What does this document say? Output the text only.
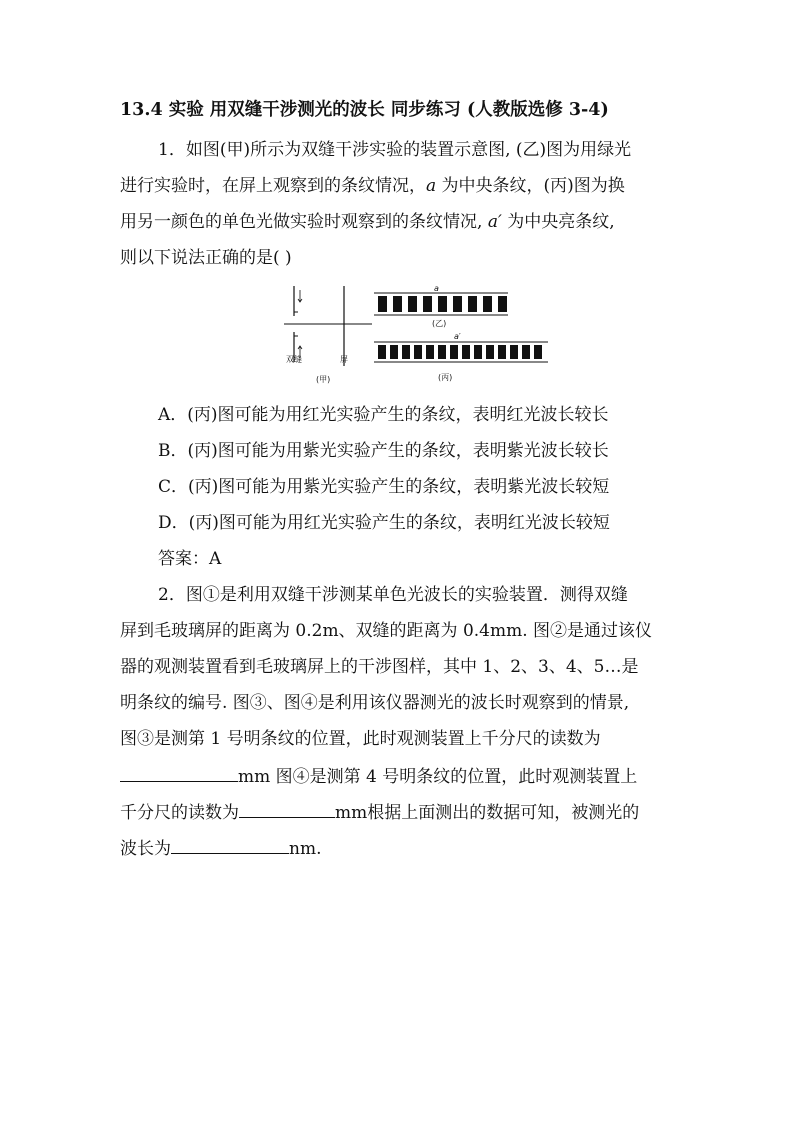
13.4 实验 用双缝干涉测光的波长 同步练习 (人教版选修 3-4)
1．如图(甲)所示为双缝干涉实验的装置示意图, (乙)图为用绿光
进行实验时，在屏上观察到的条纹情况，a 为中央条纹，(丙)图为换
用另一颜色的单色光做实验时观察到的条纹情况, a′ 为中央亮条纹,
则以下说法正确的是( )
双缝	屏
(甲)
a
(乙)
a′
(丙)
A．(丙)图可能为用红光实验产生的条纹，表明红光波长较长
B．(丙)图可能为用紫光实验产生的条纹，表明紫光波长较长
C．(丙)图可能为用紫光实验产生的条纹，表明紫光波长较短
D．(丙)图可能为用红光实验产生的条纹，表明红光波长较短
答案：A
2．图①是利用双缝干涉测某单色光波长的实验装置．测得双缝
屏到毛玻璃屏的距离为 0.2m、双缝的距离为 0.4mm. 图②是通过该仪
器的观测装置看到毛玻璃屏上的干涉图样，其中 1、2、3、4、5…是
明条纹的编号. 图③、图④是利用该仪器测光的波长时观察到的情景,
图③是测第 1 号明条纹的位置，此时观测装置上千分尺的读数为
mm 图④是测第 4 号明条纹的位置，此时观测装置上
千分尺的读数为	mm根据上面测出的数据可知，被测光的
波长为	nm.
